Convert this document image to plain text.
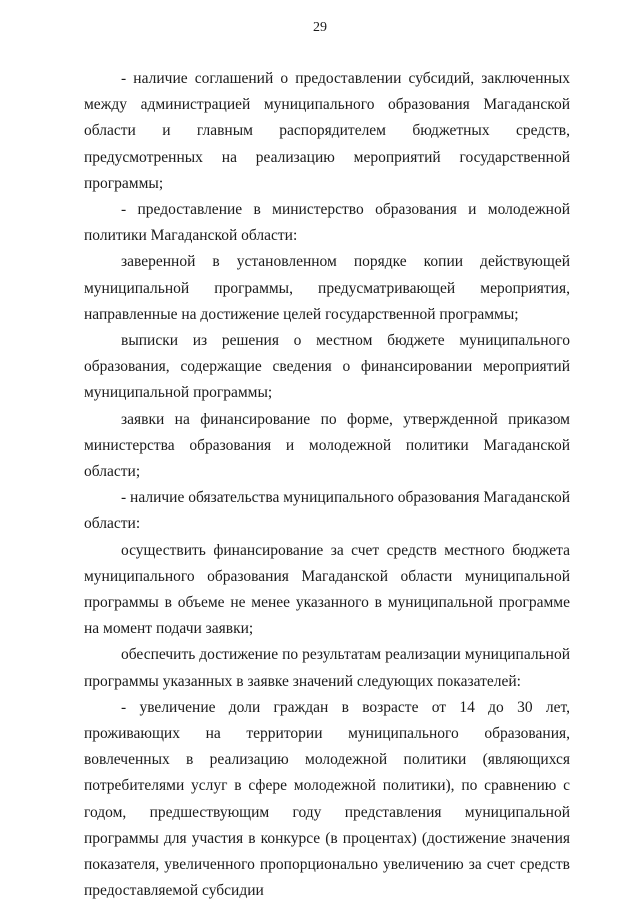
29

- наличие соглашений о предоставлении субсидий, заключенных между администрацией муниципального образования Магаданской области и главным распорядителем бюджетных средств, предусмотренных на реализацию мероприятий государственной программы;

- предоставление в министерство образования и молодежной политики Магаданской области:

заверенной в установленном порядке копии действующей муниципальной программы, предусматривающей мероприятия, направленные на достижение целей государственной программы;

выписки из решения о местном бюджете муниципального образования, содержащие сведения о финансировании мероприятий муниципальной программы;

заявки на финансирование по форме, утвержденной приказом министерства образования и молодежной политики Магаданской области;

- наличие обязательства муниципального образования Магаданской области:

осуществить финансирование за счет средств местного бюджета муниципального образования Магаданской области муниципальной программы в объеме не менее указанного в муниципальной программе на момент подачи заявки;

обеспечить достижение по результатам реализации муниципальной программы указанных в заявке значений следующих показателей:

- увеличение доли граждан в возрасте от 14 до 30 лет, проживающих на территории муниципального образования, вовлеченных в реализацию молодежной политики (являющихся потребителями услуг в сфере молодежной политики), по сравнению с годом, предшествующим году представления муниципальной программы для участия в конкурсе (в процентах) (достижение значения показателя, увеличенного пропорционально увеличению за счет средств предоставляемой субсидии
